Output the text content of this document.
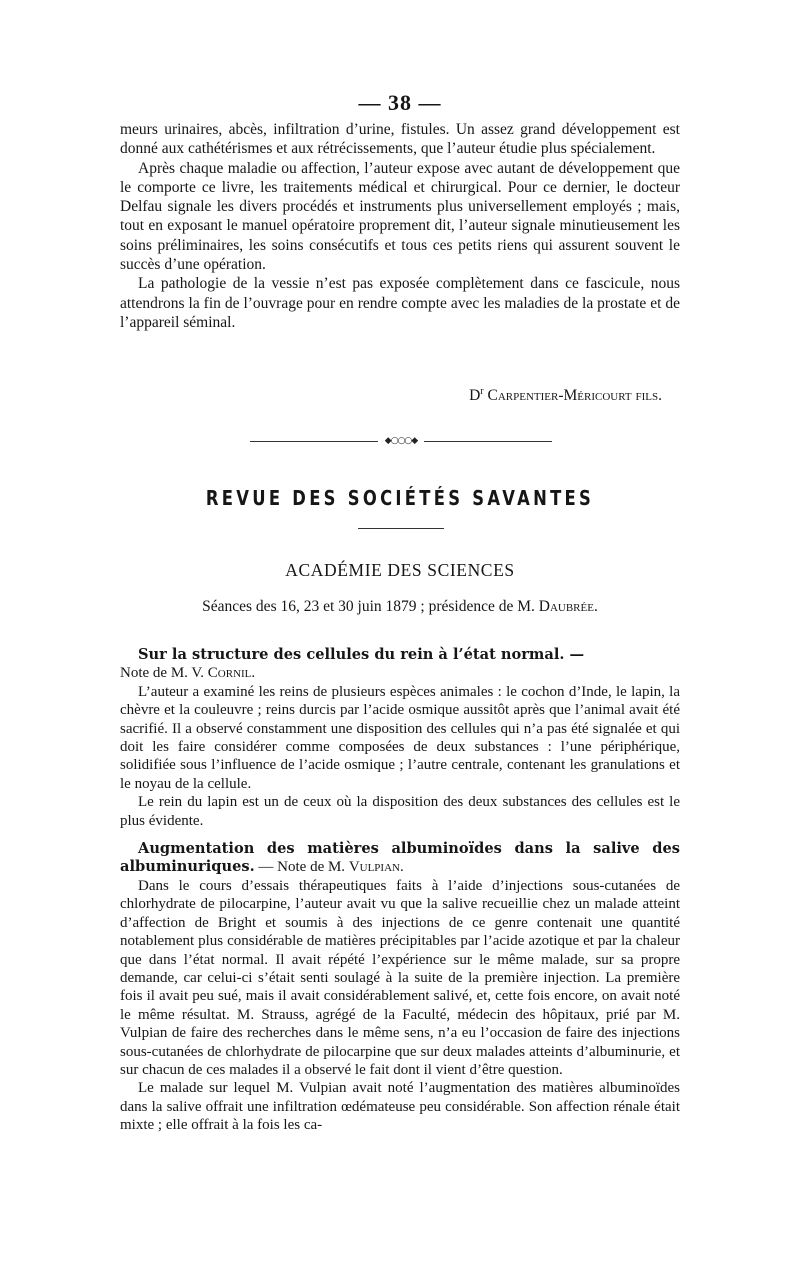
— 38 —

meurs urinaires, abcès, infiltration d’urine, fistules. Un assez grand développement est donné aux cathétérismes et aux rétrécissements, que l’auteur étudie plus spécialement.

Après chaque maladie ou affection, l’auteur expose avec autant de développement que le comporte ce livre, les traitements médical et chirurgical. Pour ce dernier, le docteur Delfau signale les divers procédés et instruments plus universellement employés ; mais, tout en exposant le manuel opératoire proprement dit, l’auteur signale minutieusement les soins préliminaires, les soins consécutifs et tous ces petits riens qui assurent souvent le succès d’une opération.

La pathologie de la vessie n’est pas exposée complètement dans ce fascicule, nous attendrons la fin de l’ouvrage pour en rendre compte avec les maladies de la prostate et de l’appareil séminal.

$D^r$ Carpentier-Méricourt fils.
◆○○○◆
REVUE DES SOCIÉTÉS SAVANTES
ACADÉMIE DES SCIENCES
Séances des 16, 23 et 30 juin 1879 ; présidence de M. Daubrée.

Sur la structure des cellules du rein à l’état normal. —

Note de M. V. Cornil.

L’auteur a examiné les reins de plusieurs espèces animales : le cochon d’Inde, le lapin, la chèvre et la couleuvre ; reins durcis par l’acide osmique aussitôt après que l’animal avait été sacrifié. Il a observé constamment une disposition des cellules qui n’a pas été signalée et qui doit les faire considérer comme composées de deux substances : l’une périphérique, solidifiée sous l’influence de l’acide osmique ; l’autre centrale, contenant les granulations et le noyau de la cellule.

Le rein du lapin est un de ceux où la disposition des deux substances des cellules est le plus évidente.

Augmentation des matières albuminoïdes dans la salive des albuminuriques. — Note de M. Vulpian.

Dans le cours d’essais thérapeutiques faits à l’aide d’injections sous-cutanées de chlorhydrate de pilocarpine, l’auteur avait vu que la salive recueillie chez un malade atteint d’affection de Bright et soumis à des injections de ce genre contenait une quantité notablement plus considérable de matières précipitables par l’acide azotique et par la chaleur que dans l’état normal. Il avait répété l’expérience sur le même malade, sur sa propre demande, car celui-ci s’était senti soulagé à la suite de la première injection. La première fois il avait peu sué, mais il avait considérablement salivé, et, cette fois encore, on avait noté le même résultat. M. Strauss, agrégé de la Faculté, médecin des hôpitaux, prié par M. Vulpian de faire des recherches dans le même sens, n’a eu l’occasion de faire des injections sous-cutanées de chlorhydrate de pilocarpine que sur deux malades atteints d’albuminurie, et sur chacun de ces malades il a observé le fait dont il vient d’être question.

Le malade sur lequel M. Vulpian avait noté l’augmentation des matières albuminoïdes dans la salive offrait une infiltration œdémateuse peu considérable. Son affection rénale était mixte ; elle offrait à la fois les ca-
